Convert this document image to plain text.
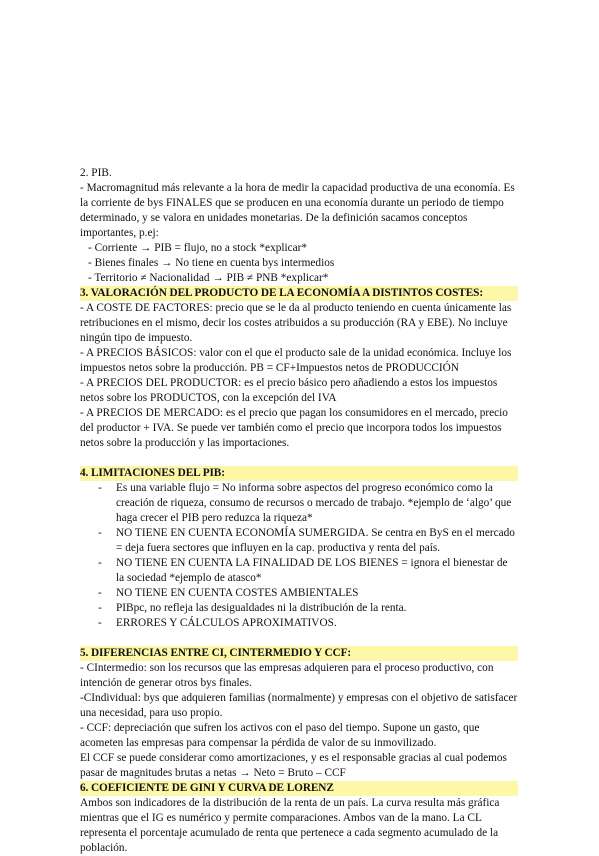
2. PIB.

- Macromagnitud más relevante a la hora de medir la capacidad productiva de una economía. Es la corriente de bys FINALES que se producen en una economía durante un periodo de tiempo determinado, y se valora en unidades monetarias. De la definición sacamos conceptos importantes, p.ej:

- Corriente → PIB = flujo, no a stock *explicar*

- Bienes finales → No tiene en cuenta bys intermedios

- Territorio ≠ Nacionalidad → PIB ≠ PNB *explicar*

3. VALORACIÓN DEL PRODUCTO DE LA ECONOMÍA A DISTINTOS COSTES:

- A COSTE DE FACTORES: precio que se le da al producto teniendo en cuenta únicamente las retribuciones en el mismo, decir los costes atribuidos a su producción (RA y EBE). No incluye ningún tipo de impuesto.

- A PRECIOS BÁSICOS: valor con el que el producto sale de la unidad económica. Incluye los impuestos netos sobre la producción. PB = CF+Impuestos netos de PRODUCCIÓN

- A PRECIOS DEL PRODUCTOR: es el precio básico pero añadiendo a estos los impuestos netos sobre los PRODUCTOS, con la excepción del IVA

- A PRECIOS DE MERCADO: es el precio que pagan los consumidores en el mercado, precio del productor + IVA. Se puede ver también como el precio que incorpora todos los impuestos netos sobre la producción y las importaciones.

4. LIMITACIONES DEL PIB:

- Es una variable flujo = No informa sobre aspectos del progreso económico como la creación de riqueza, consumo de recursos o mercado de trabajo. *ejemplo de ‘algo’ que haga crecer el PIB pero reduzca la riqueza*
- NO TIENE EN CUENTA ECONOMÍA SUMERGIDA. Se centra en ByS en el mercado = deja fuera sectores que influyen en la cap. productiva y renta del país.
- NO TIENE EN CUENTA LA FINALIDAD DE LOS BIENES = ignora el bienestar de la sociedad *ejemplo de atasco*
- NO TIENE EN CUENTA COSTES AMBIENTALES
- PIBpc, no refleja las desigualdades ni la distribución de la renta.
- ERRORES Y CÁLCULOS APROXIMATIVOS.

5. DIFERENCIAS ENTRE CI, CINTERMEDIO Y CCF:

- CIntermedio: son los recursos que las empresas adquieren para el proceso productivo, con intención de generar otros bys finales.

-CIndividual: bys que adquieren familias (normalmente) y empresas con el objetivo de satisfacer una necesidad, para uso propio.

- CCF: depreciación que sufren los activos con el paso del tiempo. Supone un gasto, que acometen las empresas para compensar la pérdida de valor de su inmovilizado.

El CCF se puede considerar como amortizaciones, y es el responsable gracias al cual podemos pasar de magnitudes brutas a netas → Neto = Bruto – CCF

6. COEFICIENTE DE GINI Y CURVA DE LORENZ

Ambos son indicadores de la distribución de la renta de un país. La curva resulta más gráfica mientras que el IG es numérico y permite comparaciones. Ambos van de la mano. La CL representa el porcentaje acumulado de renta que pertenece a cada segmento acumulado de la población.
